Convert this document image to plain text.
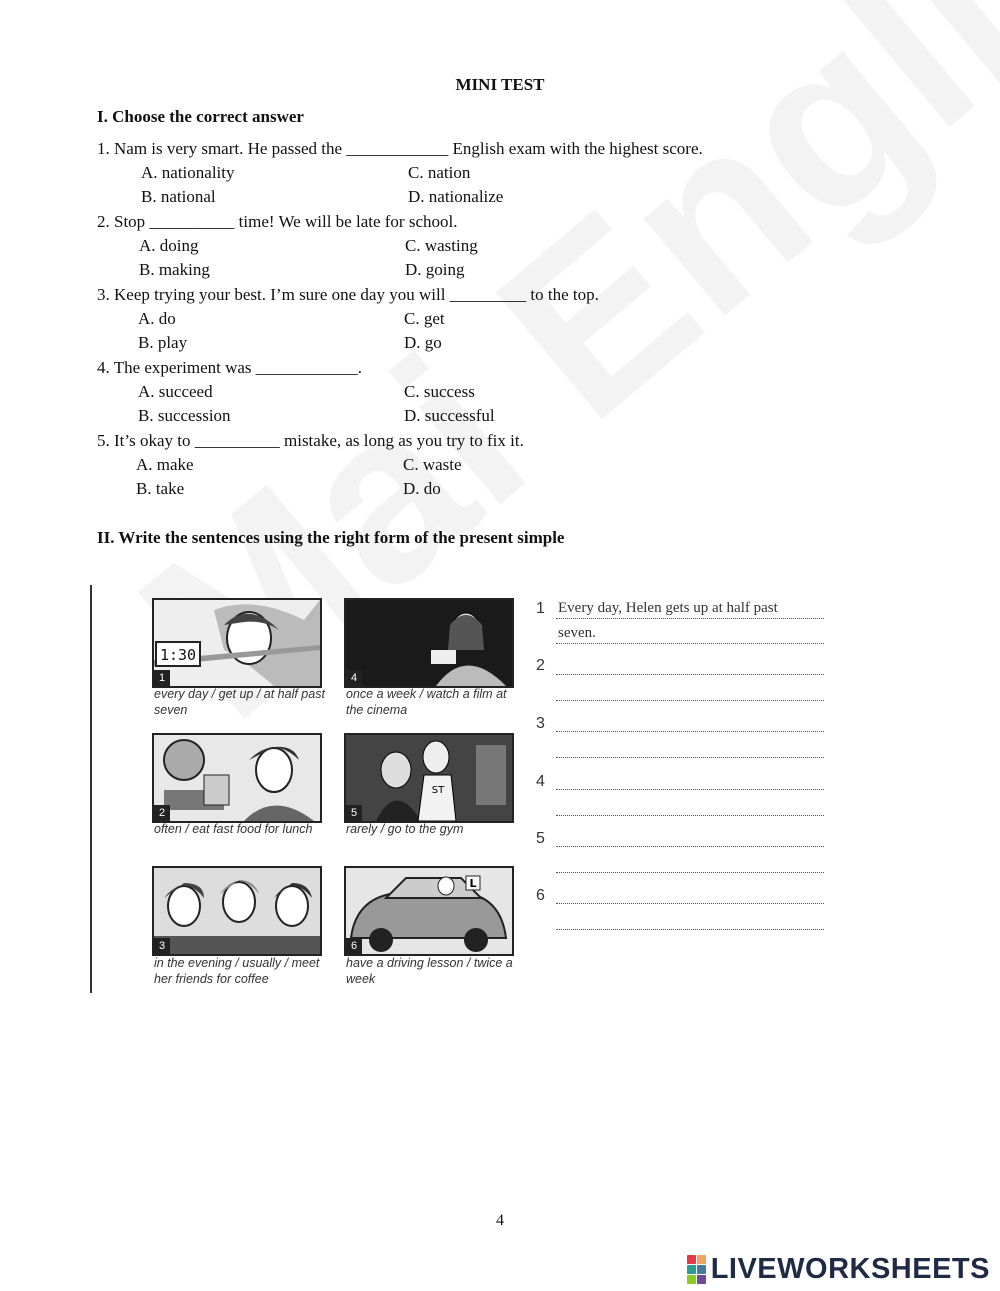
MINI TEST
I. Choose the correct answer
1. Nam is very smart. He passed the ____________ English exam with the highest score.
A. nationality
B. national
C. nation
D. nationalize
2. Stop __________ time! We will be late for school.
A. doing
B. making
C. wasting
D. going
3. Keep trying your best. I’m sure one day you will _________ to the top.
A. do
B. play
C. get
D. go
4. The experiment was ____________.
A. succeed
B. succession
C. success
D. successful
5. It’s okay to __________ mistake, as long as you try to fix it.
A. make
B. take
C. waste
D. do
II. Write the sentences using the right form of the present simple
1:30
1
every day / get up / at half past seven
2
often / eat fast food for lunch
3
in the evening / usually / meet her friends for coffee
4
once a week / watch a film at the cinema
ST
5
rarely / go to the gym
L
6
have a driving lesson / twice a week
1 Every day, Helen gets up at half past
seven.
2
3
4
5
6
4
LIVEWORKSHEETS
